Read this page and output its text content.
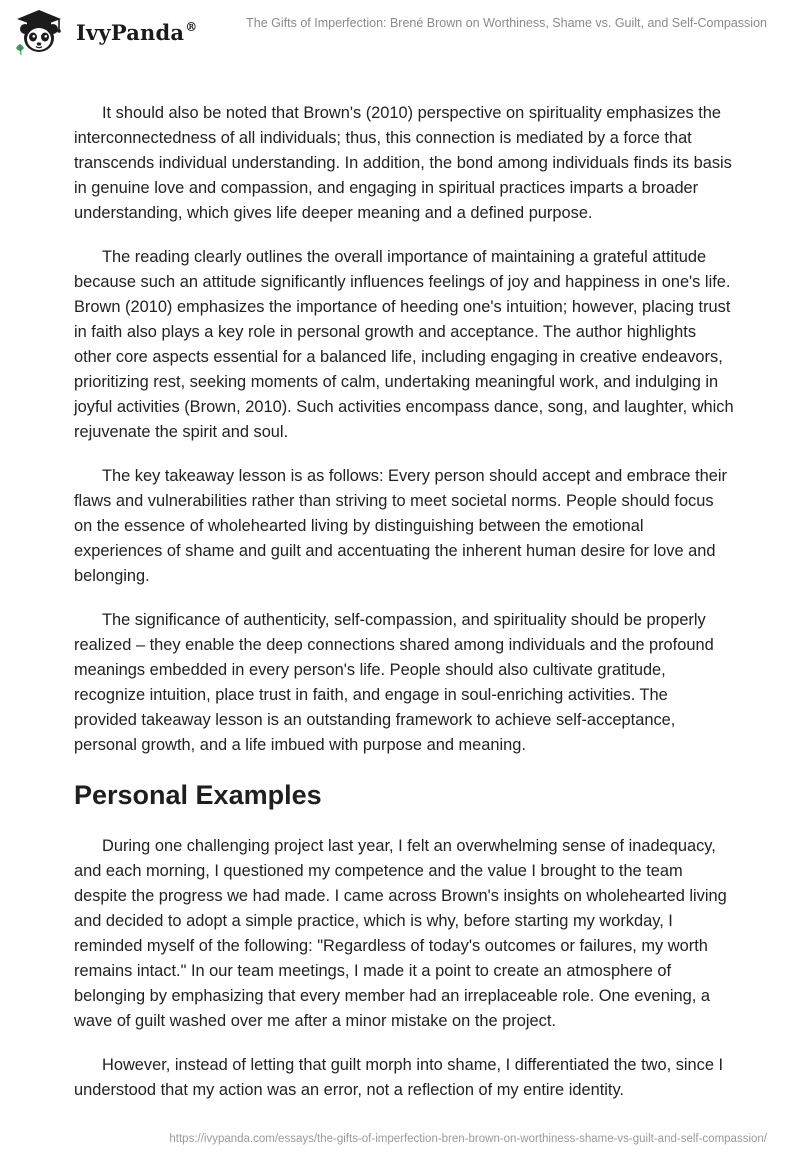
IvyPanda®	The Gifts of Imperfection: Brené Brown on Worthiness, Shame vs. Guilt, and Self-Compassion

It should also be noted that Brown's (2010) perspective on spirituality emphasizes the interconnectedness of all individuals; thus, this connection is mediated by a force that transcends individual understanding. In addition, the bond among individuals finds its basis in genuine love and compassion, and engaging in spiritual practices imparts a broader understanding, which gives life deeper meaning and a defined purpose.

The reading clearly outlines the overall importance of maintaining a grateful attitude because such an attitude significantly influences feelings of joy and happiness in one's life. Brown (2010) emphasizes the importance of heeding one's intuition; however, placing trust in faith also plays a key role in personal growth and acceptance. The author highlights other core aspects essential for a balanced life, including engaging in creative endeavors, prioritizing rest, seeking moments of calm, undertaking meaningful work, and indulging in joyful activities (Brown, 2010). Such activities encompass dance, song, and laughter, which rejuvenate the spirit and soul.

The key takeaway lesson is as follows: Every person should accept and embrace their flaws and vulnerabilities rather than striving to meet societal norms. People should focus on the essence of wholehearted living by distinguishing between the emotional experiences of shame and guilt and accentuating the inherent human desire for love and belonging.

The significance of authenticity, self-compassion, and spirituality should be properly realized – they enable the deep connections shared among individuals and the profound meanings embedded in every person's life. People should also cultivate gratitude, recognize intuition, place trust in faith, and engage in soul-enriching activities. The provided takeaway lesson is an outstanding framework to achieve self-acceptance, personal growth, and a life imbued with purpose and meaning.

Personal Examples

During one challenging project last year, I felt an overwhelming sense of inadequacy, and each morning, I questioned my competence and the value I brought to the team despite the progress we had made. I came across Brown's insights on wholehearted living and decided to adopt a simple practice, which is why, before starting my workday, I reminded myself of the following: "Regardless of today's outcomes or failures, my worth remains intact." In our team meetings, I made it a point to create an atmosphere of belonging by emphasizing that every member had an irreplaceable role. One evening, a wave of guilt washed over me after a minor mistake on the project.

However, instead of letting that guilt morph into shame, I differentiated the two, since I understood that my action was an error, not a reflection of my entire identity.

https://ivypanda.com/essays/the-gifts-of-imperfection-bren-brown-on-worthiness-shame-vs-guilt-and-self-compassion/
